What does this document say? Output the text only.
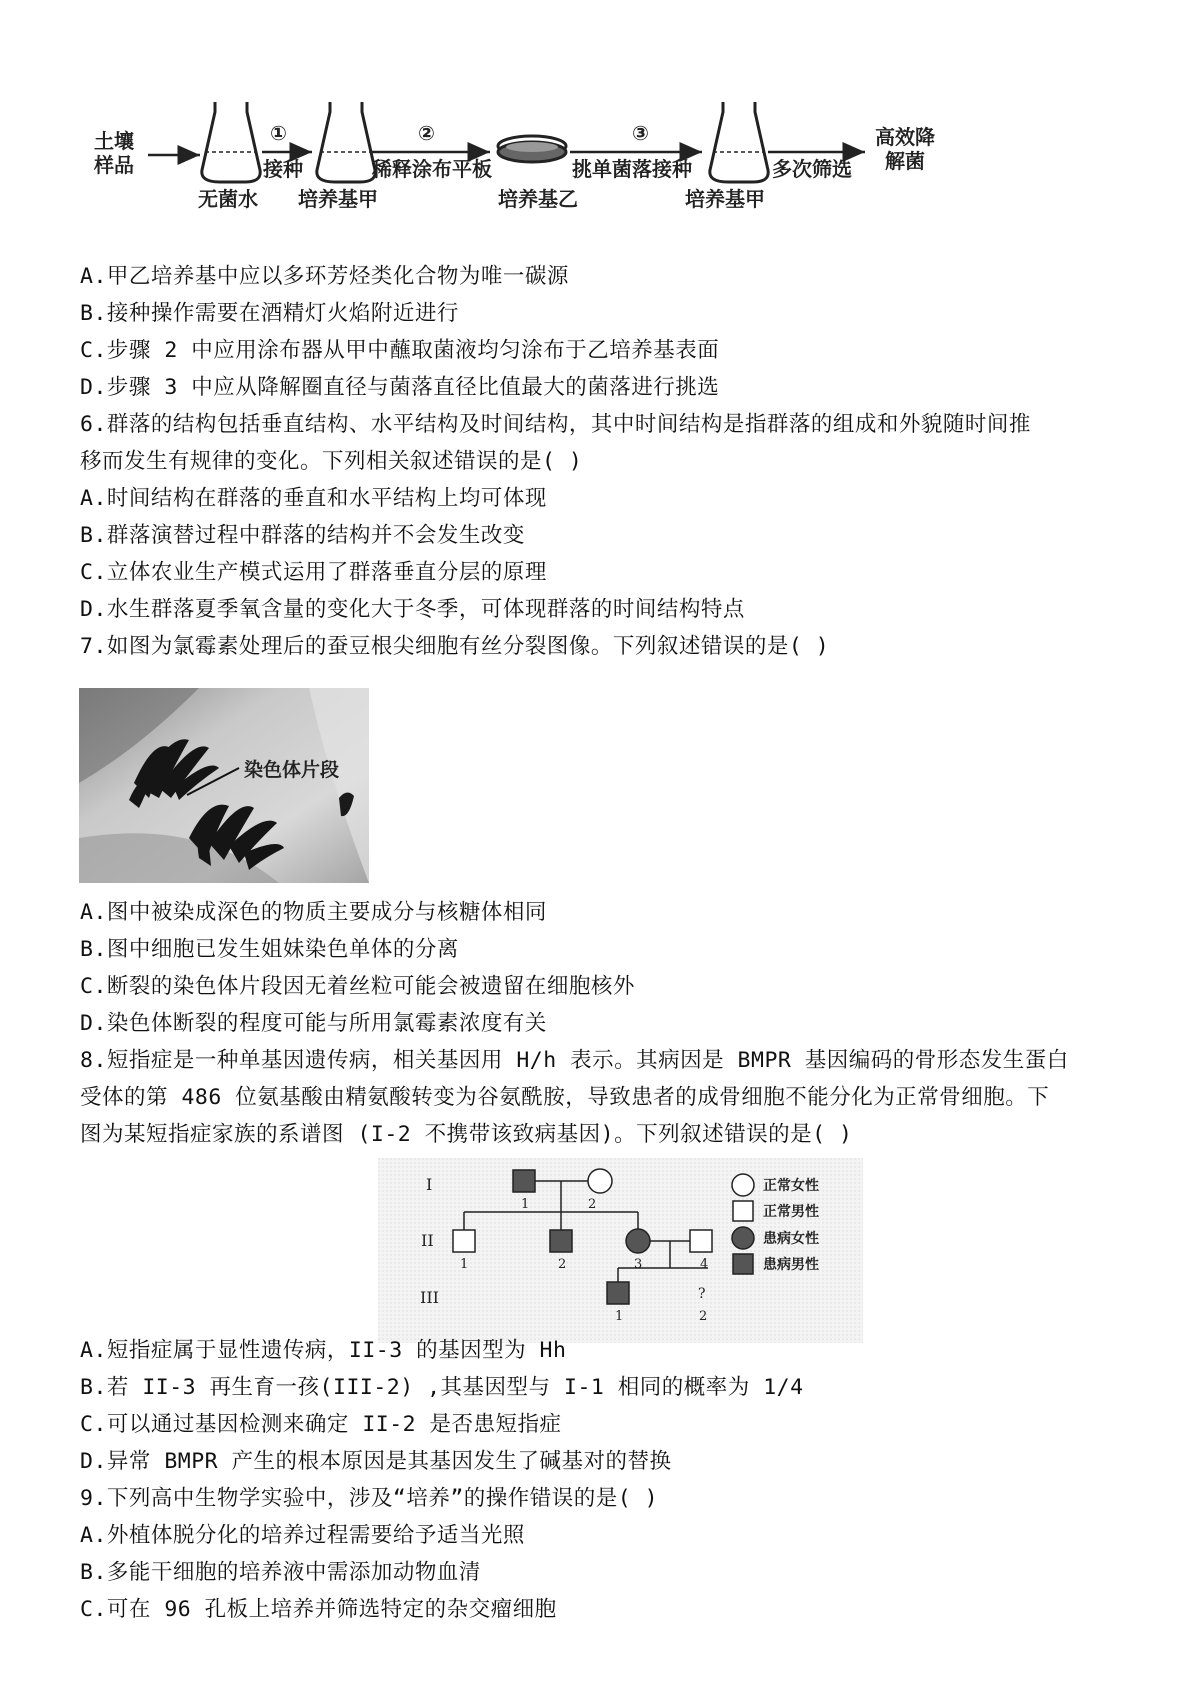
土壤
样品
无菌水
①
接种
培养基甲
②
稀释涂布平板
培养基乙
③
挑单菌落接种
培养基甲
多次筛选
高效降
解菌
A.甲乙培养基中应以多环芳烃类化合物为唯一碳源
B.接种操作需要在酒精灯火焰附近进行
C.步骤 2 中应用涂布器从甲中蘸取菌液均匀涂布于乙培养基表面
D.步骤 3 中应从降解圈直径与菌落直径比值最大的菌落进行挑选
6.群落的结构包括垂直结构、水平结构及时间结构，其中时间结构是指群落的组成和外貌随时间推
移而发生有规律的变化。下列相关叙述错误的是( )
A.时间结构在群落的垂直和水平结构上均可体现
B.群落演替过程中群落的结构并不会发生改变
C.立体农业生产模式运用了群落垂直分层的原理
D.水生群落夏季氧含量的变化大于冬季，可体现群落的时间结构特点
7.如图为氯霉素处理后的蚕豆根尖细胞有丝分裂图像。下列叙述错误的是( )
染色体片段
A.图中被染成深色的物质主要成分与核糖体相同
B.图中细胞已发生姐妹染色单体的分离
C.断裂的染色体片段因无着丝粒可能会被遗留在细胞核外
D.染色体断裂的程度可能与所用氯霉素浓度有关
8.短指症是一种单基因遗传病，相关基因用 H/h 表示。其病因是 BMPR 基因编码的骨形态发生蛋白
受体的第 486 位氨基酸由精氨酸转变为谷氨酰胺，导致患者的成骨细胞不能分化为正常骨细胞。下
图为某短指症家族的系谱图 (I-2 不携带该致病基因)。下列叙述错误的是( )
I
II
III
1	2
1	2	3	4
?
1	2
正常女性
正常男性
患病女性
患病男性
A.短指症属于显性遗传病，II-3 的基因型为 Hh
B.若 II-3 再生育一孩(III-2) ,其基因型与 I-1 相同的概率为 1/4
C.可以通过基因检测来确定 II-2 是否患短指症
D.异常 BMPR 产生的根本原因是其基因发生了碱基对的替换
9.下列高中生物学实验中，涉及“培养”的操作错误的是( )
A.外植体脱分化的培养过程需要给予适当光照
B.多能干细胞的培养液中需添加动物血清
C.可在 96 孔板上培养并筛选特定的杂交瘤细胞
